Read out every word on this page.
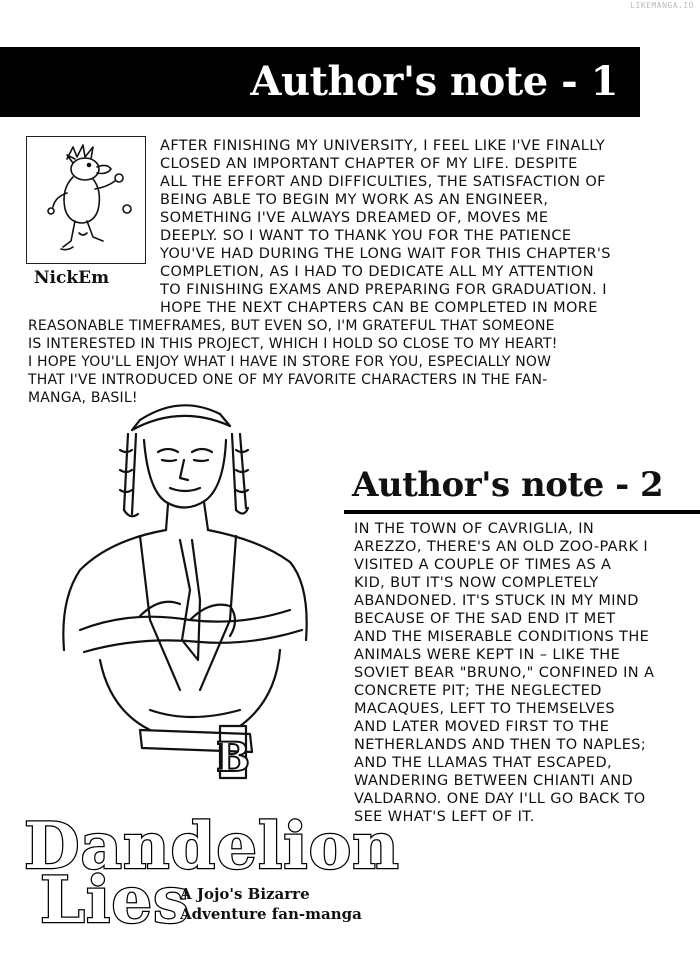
LIKEMANGA.IO
Author's note - 1
NickEm
AFTER FINISHING MY UNIVERSITY, I FEEL LIKE I'VE FINALLY
CLOSED AN IMPORTANT CHAPTER OF MY LIFE. DESPITE
ALL THE EFFORT AND DIFFICULTIES, THE SATISFACTION OF
BEING ABLE TO BEGIN MY WORK AS AN ENGINEER,
SOMETHING I'VE ALWAYS DREAMED OF, MOVES ME
DEEPLY. SO I WANT TO THANK YOU FOR THE PATIENCE
YOU'VE HAD DURING THE LONG WAIT FOR THIS CHAPTER'S
COMPLETION, AS I HAD TO DEDICATE ALL MY ATTENTION
TO FINISHING EXAMS AND PREPARING FOR GRADUATION. I
HOPE THE NEXT CHAPTERS CAN BE COMPLETED IN MORE
REASONABLE TIMEFRAMES, BUT EVEN SO, I'M GRATEFUL THAT SOMEONE
IS INTERESTED IN THIS PROJECT, WHICH I HOLD SO CLOSE TO MY HEART!
I HOPE YOU'LL ENJOY WHAT I HAVE IN STORE FOR YOU, ESPECIALLY NOW
THAT I'VE INTRODUCED ONE OF MY FAVORITE CHARACTERS IN THE FAN-
MANGA, BASIL!
B
Author's note - 2
IN THE TOWN OF CAVRIGLIA, IN
AREZZO, THERE'S AN OLD ZOO-PARK I
VISITED A COUPLE OF TIMES AS A
KID, BUT IT'S NOW COMPLETELY
ABANDONED. IT'S STUCK IN MY MIND
BECAUSE OF THE SAD END IT MET
AND THE MISERABLE CONDITIONS THE
ANIMALS WERE KEPT IN – LIKE THE
SOVIET BEAR "BRUNO," CONFINED IN A
CONCRETE PIT; THE NEGLECTED
MACAQUES, LEFT TO THEMSELVES
AND LATER MOVED FIRST TO THE
NETHERLANDS AND THEN TO NAPLES;
AND THE LLAMAS THAT ESCAPED,
WANDERING BETWEEN CHIANTI AND
VALDARNO. ONE DAY I'LL GO BACK TO
SEE WHAT'S LEFT OF IT.
Dandelion
Lies
A Jojo's Bizarre
Adventure fan-manga
